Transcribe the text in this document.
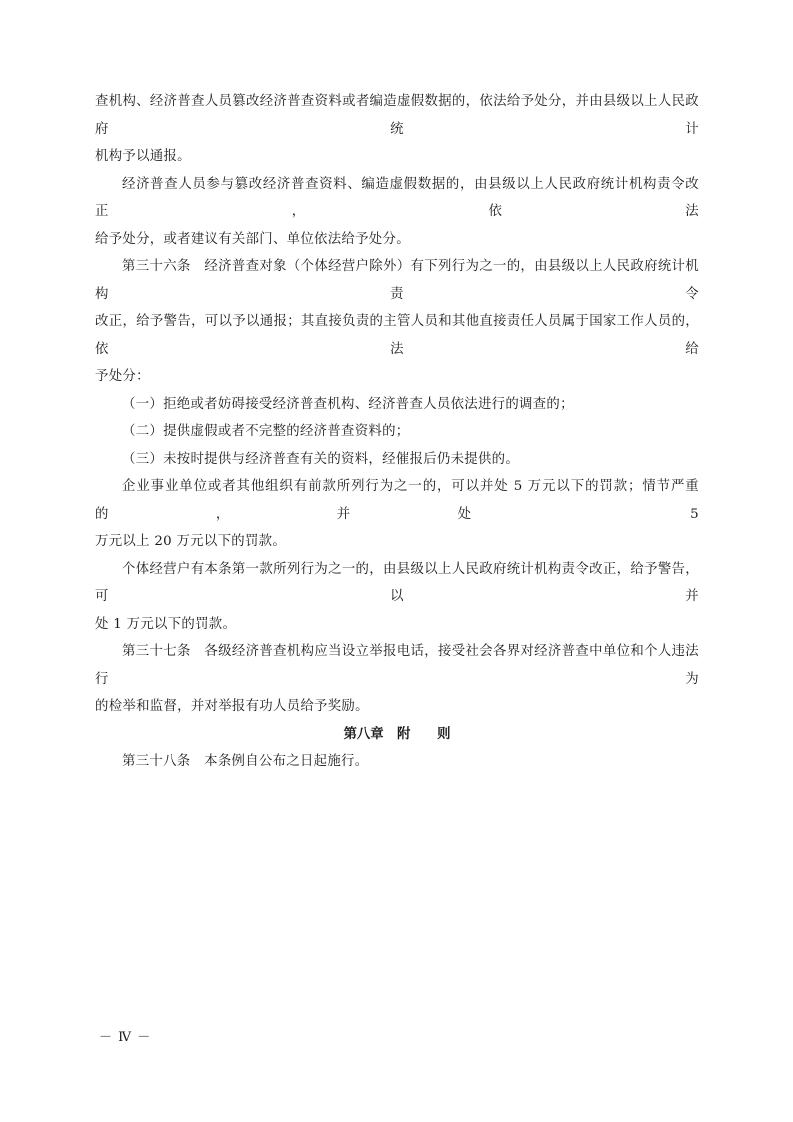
查机构、经济普查人员篡改经济普查资料或者编造虚假数据的，依法给予处分，并由县级以上人民政府统计

机构予以通报。

经济普查人员参与篡改经济普查资料、编造虚假数据的，由县级以上人民政府统计机构责令改正，依法

给予处分，或者建议有关部门、单位依法给予处分。

第三十六条　经济普查对象（个体经营户除外）有下列行为之一的，由县级以上人民政府统计机构责令

改正，给予警告，可以予以通报；其直接负责的主管人员和其他直接责任人员属于国家工作人员的，依法给

予处分：

（一）拒绝或者妨碍接受经济普查机构、经济普查人员依法进行的调查的；

（二）提供虚假或者不完整的经济普查资料的；

（三）未按时提供与经济普查有关的资料，经催报后仍未提供的。

企业事业单位或者其他组织有前款所列行为之一的，可以并处 5 万元以下的罚款；情节严重的，并处 5

万元以上 20 万元以下的罚款。

个体经营户有本条第一款所列行为之一的，由县级以上人民政府统计机构责令改正，给予警告，可以并

处 1 万元以下的罚款。

第三十七条　各级经济普查机构应当设立举报电话，接受社会各界对经济普查中单位和个人违法行为

的检举和监督，并对举报有功人员给予奖励。

第八章　附　　则

第三十八条　本条例自公布之日起施行。

－ Ⅳ －
